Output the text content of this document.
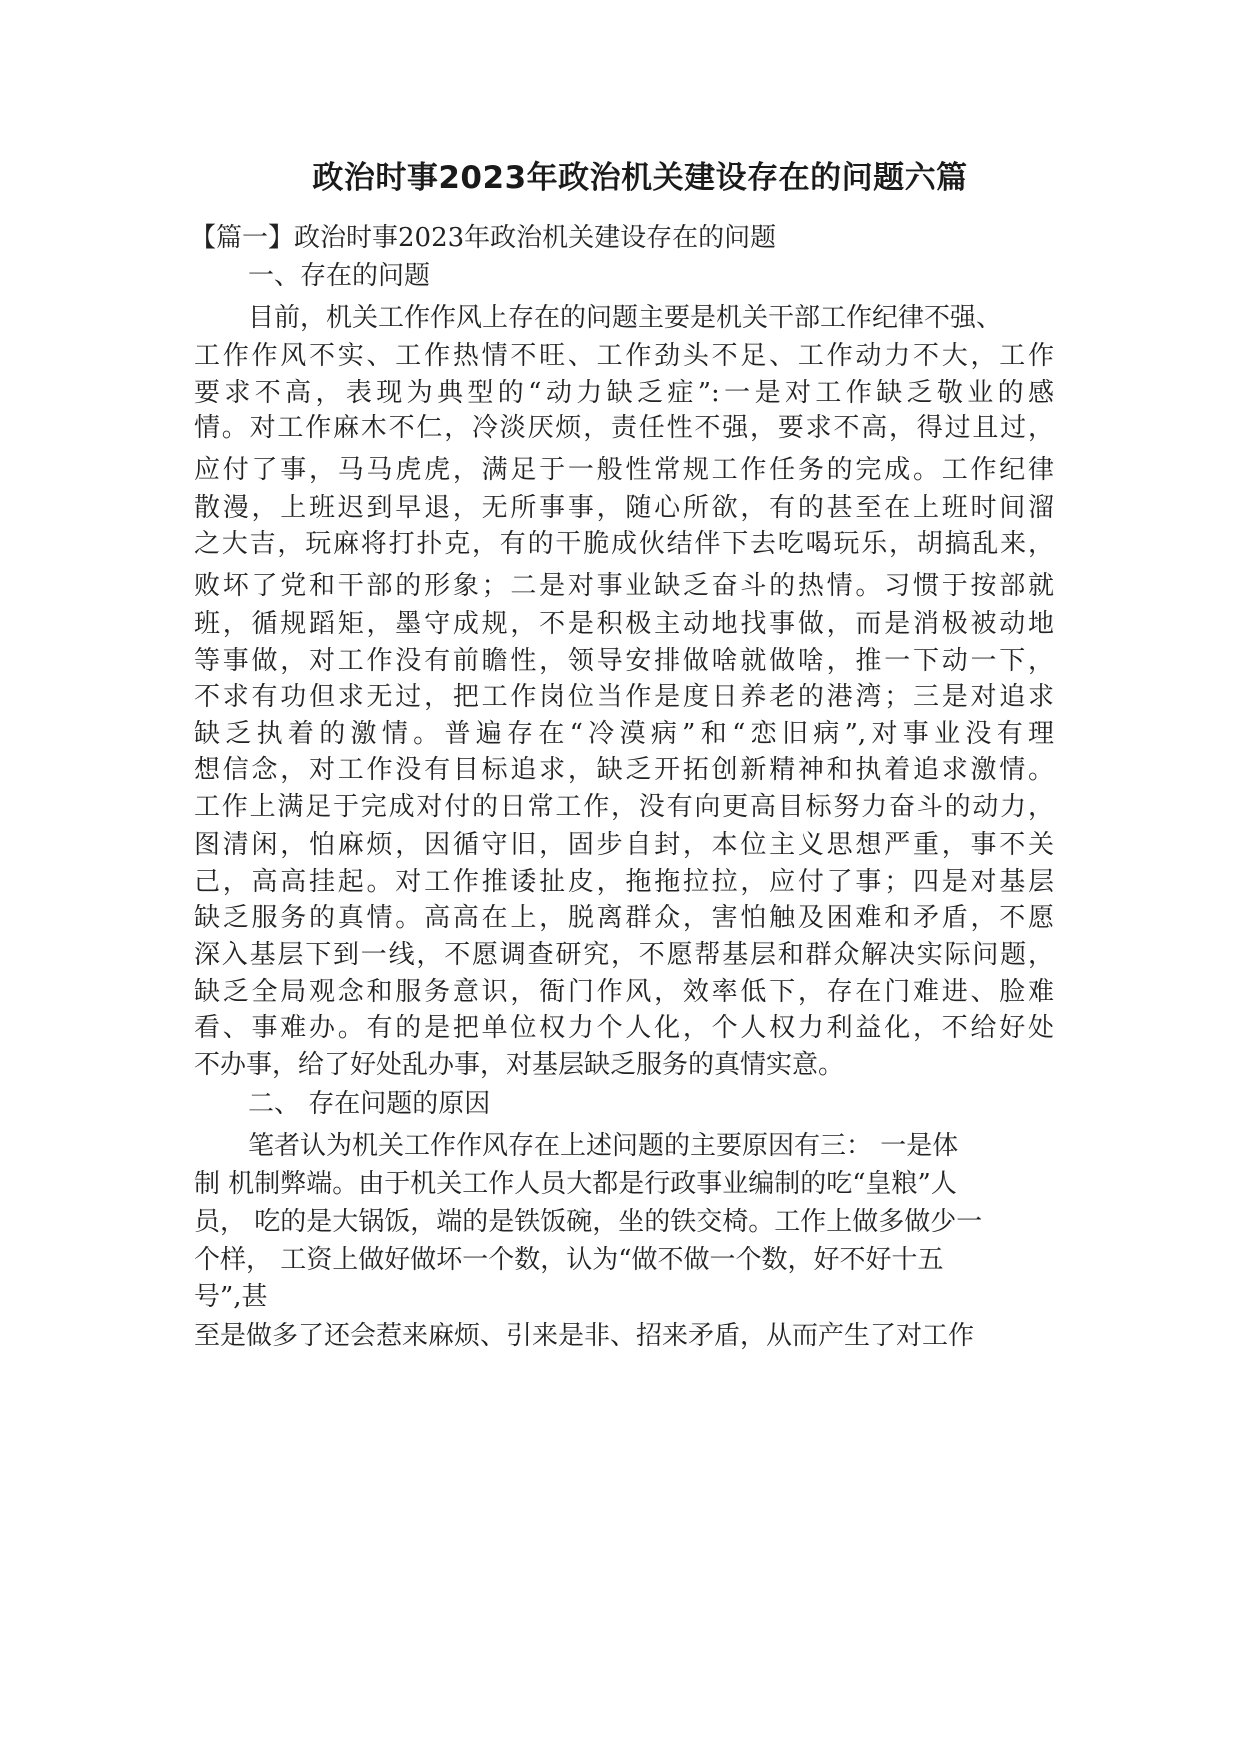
政治时事2023年政治机关建设存在的问题六篇
【篇一】政治时事2023年政治机关建设存在的问题
一、存在的问题
目前，机关工作作风上存在的问题主要是机关干部工作纪律不强、
工作作风不实、工作热情不旺、工作劲头不足、工作动力不大，工作
要求不高，表现为典型的“动力缺乏症”:一是对工作缺乏敬业的感
情。对工作麻木不仁，冷淡厌烦，责任性不强，要求不高，得过且过，
应付了事，马马虎虎，满足于一般性常规工作任务的完成。工作纪律
散漫，上班迟到早退，无所事事，随心所欲，有的甚至在上班时间溜
之大吉，玩麻将打扑克，有的干脆成伙结伴下去吃喝玩乐，胡搞乱来，
败坏了党和干部的形象；二是对事业缺乏奋斗的热情。习惯于按部就
班，循规蹈矩，墨守成规，不是积极主动地找事做，而是消极被动地
等事做，对工作没有前瞻性，领导安排做啥就做啥，推一下动一下，
不求有功但求无过，把工作岗位当作是度日养老的港湾；三是对追求
缺乏执着的激情。普遍存在“冷漠病”和“恋旧病”,对事业没有理
想信念，对工作没有目标追求，缺乏开拓创新精神和执着追求激情。
工作上满足于完成对付的日常工作，没有向更高目标努力奋斗的动力，
图清闲，怕麻烦，因循守旧，固步自封，本位主义思想严重，事不关
己，高高挂起。对工作推诿扯皮，拖拖拉拉，应付了事；四是对基层
缺乏服务的真情。高高在上，脱离群众，害怕触及困难和矛盾，不愿
深入基层下到一线，不愿调查研究，不愿帮基层和群众解决实际问题，
缺乏全局观念和服务意识，衙门作风，效率低下，存在门难进、脸难
看、事难办。有的是把单位权力个人化，个人权力利益化，不给好处
不办事，给了好处乱办事，对基层缺乏服务的真情实意。
二、 存在问题的原因
笔者认为机关工作作风存在上述问题的主要原因有三： 一是体
制 机制弊端。由于机关工作人员大都是行政事业编制的吃“皇粮”人
员， 吃的是大锅饭，端的是铁饭碗，坐的铁交椅。工作上做多做少一
个样， 工资上做好做坏一个数，认为“做不做一个数，好不好十五
号”,甚
至是做多了还会惹来麻烦、引来是非、招来矛盾，从而产生了对工作
